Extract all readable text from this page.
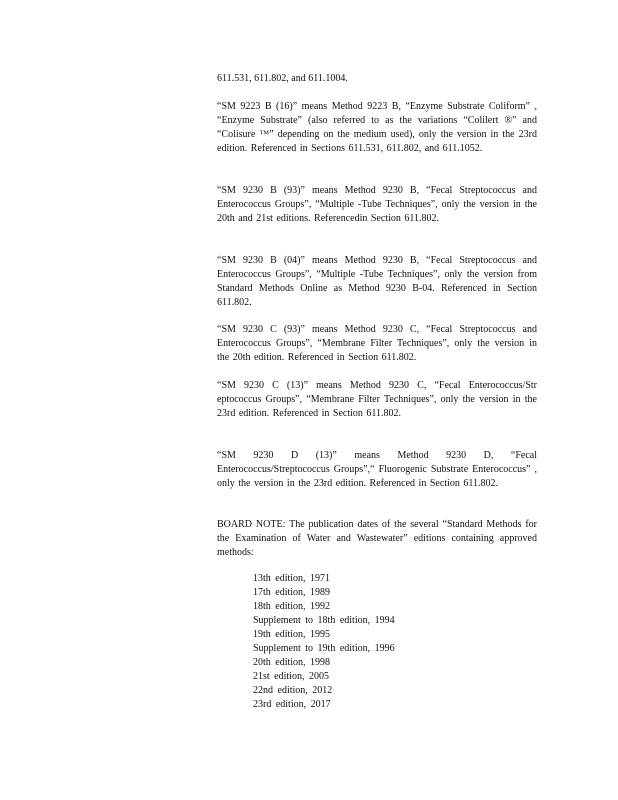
611.531, 611.802, and 611.1004.

“SM 9223 B (16)” means Method 9223 B, “Enzyme Substrate Coliform” , “Enzyme Substrate” (also referred to as the variations “Colilert ®” and “Colisure ™” depending on the medium used), only the version in the 23rd edition. Referenced in Sections 611.531, 611.802, and 611.1052.

“SM 9230 B (93)” means Method 9230 B, “Fecal Streptococcus and Enterococcus Groups”, “Multiple -Tube Techniques”, only the version in the 20th and 21st editions. Referencedin Section 611.802.

“SM 9230 B (04)” means Method 9230 B, “Fecal Streptococcus and Enterococcus Groups”, “Multiple -Tube Techniques”, only the version from Standard Methods Online as Method 9230 B-04. Referenced in Section 611.802.

“SM 9230 C (93)” means Method 9230 C, “Fecal Streptococcus and Enterococcus Groups”, “Membrane Filter Techniques”, only the version in the 20th edition. Referenced in Section 611.802.

“SM 9230 C (13)” means Method 9230 C, “Fecal Enterococcus/Str eptococcus Groups”, “Membrane Filter Techniques”, only the version in the 23rd edition. Referenced in Section 611.802.

“SM 9230 D (13)” means Method 9230 D, “Fecal Enterococcus/Streptococcus Groups”,“ Fluorogenic Substrate Enterococcus” , only the version in the 23rd edition. Referenced in Section 611.802.

BOARD NOTE: The publication dates of the several “Standard Methods for the Examination of Water and Wastewater” editions containing approved methods:

13th edition, 1971
17th edition, 1989
18th edition, 1992
Supplement to 18th edition, 1994
19th edition, 1995
Supplement to 19th edition, 1996
20th edition, 1998
21st edition, 2005
22nd edition, 2012
23rd edition, 2017
